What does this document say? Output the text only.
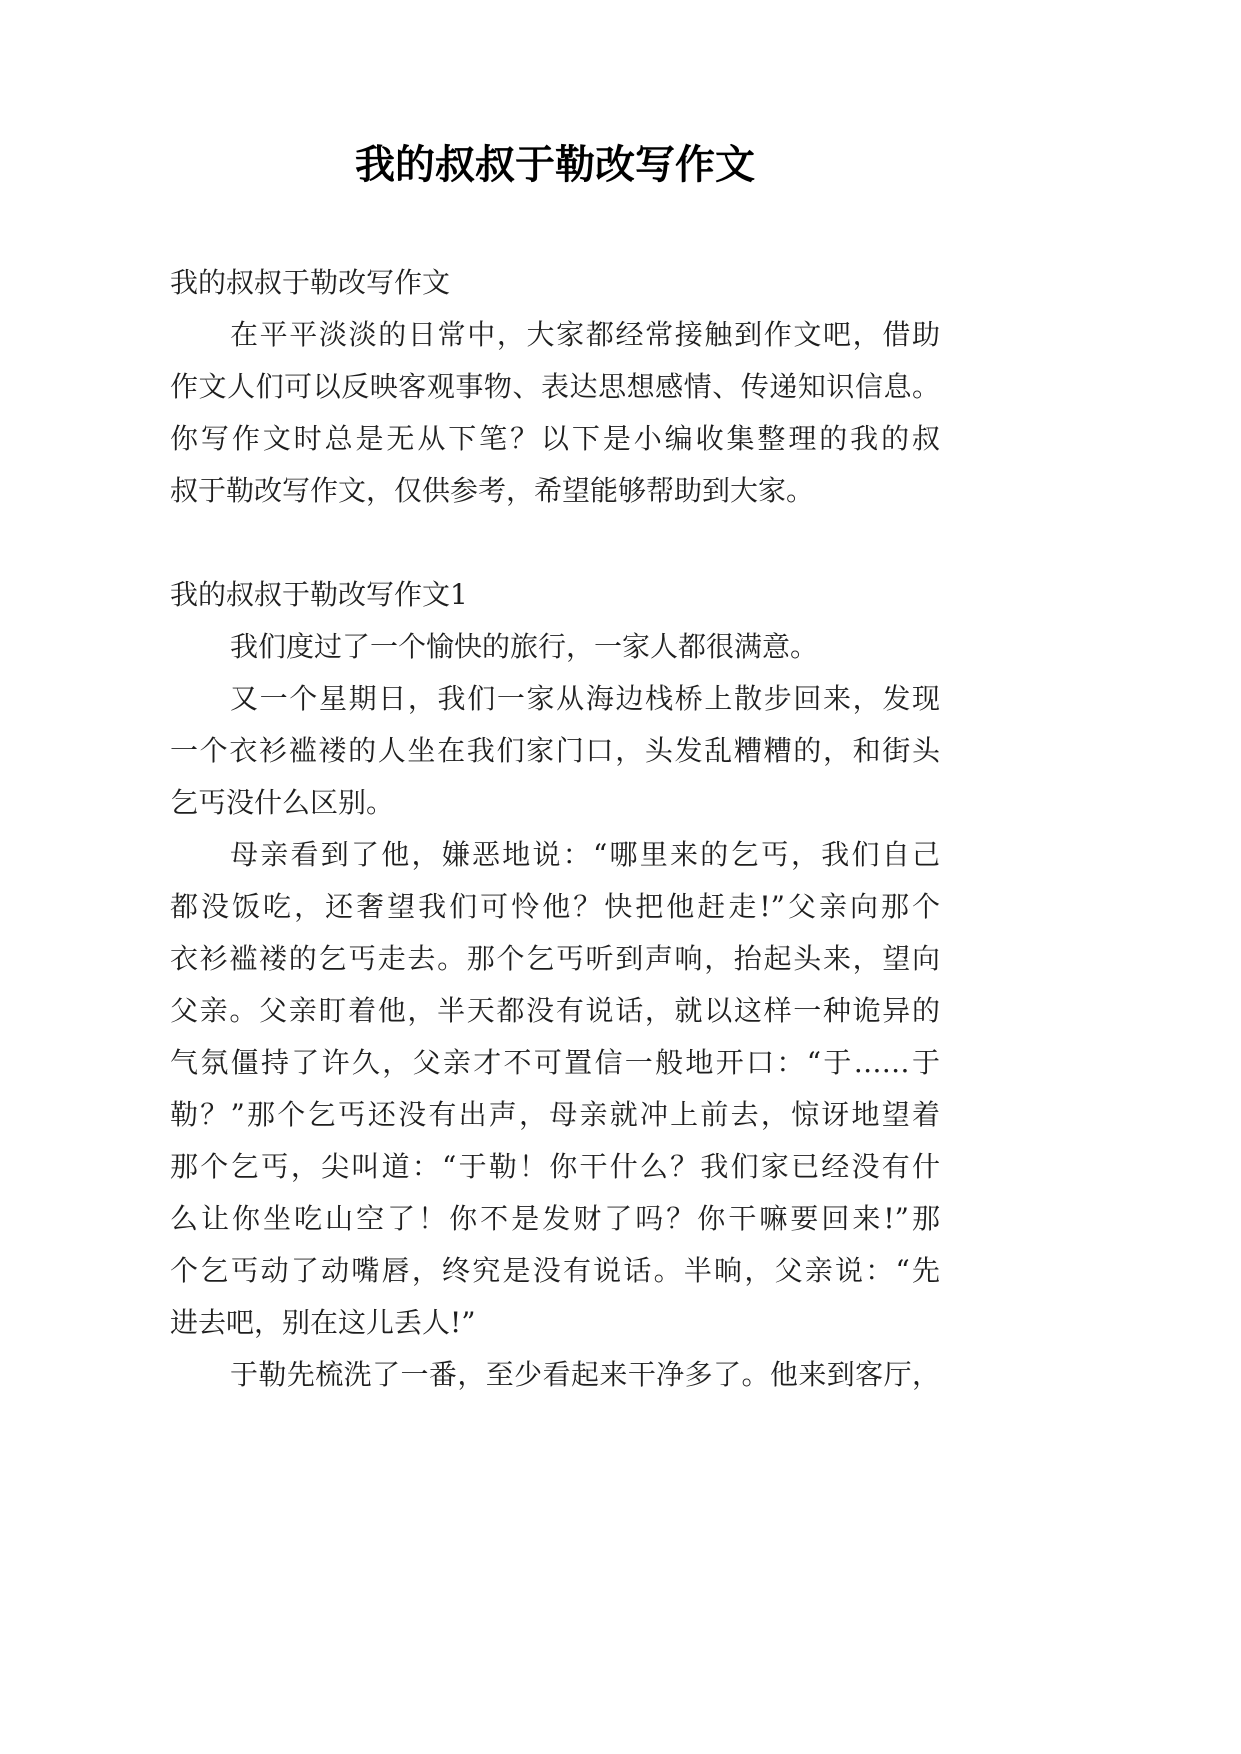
我的叔叔于勒改写作文
我的叔叔于勒改写作文
在平平淡淡的日常中，大家都经常接触到作文吧，借助
作文人们可以反映客观事物、表达思想感情、传递知识信息。
你写作文时总是无从下笔？以下是小编收集整理的我的叔
叔于勒改写作文，仅供参考，希望能够帮助到大家。
我的叔叔于勒改写作文1
我们度过了一个愉快的旅行，一家人都很满意。
又一个星期日，我们一家从海边栈桥上散步回来，发现
一个衣衫褴褛的人坐在我们家门口，头发乱糟糟的，和街头
乞丐没什么区别。
母亲看到了他，嫌恶地说：“哪里来的乞丐，我们自己
都没饭吃，还奢望我们可怜他？快把他赶走!”父亲向那个
衣衫褴褛的乞丐走去。那个乞丐听到声响，抬起头来，望向
父亲。父亲盯着他，半天都没有说话，就以这样一种诡异的
气氛僵持了许久，父亲才不可置信一般地开口：“于……于
勒？”那个乞丐还没有出声，母亲就冲上前去，惊讶地望着
那个乞丐，尖叫道：“于勒！你干什么？我们家已经没有什
么让你坐吃山空了！你不是发财了吗？你干嘛要回来!”那
个乞丐动了动嘴唇，终究是没有说话。半晌，父亲说：“先
进去吧，别在这儿丢人!”
于勒先梳洗了一番，至少看起来干净多了。他来到客厅，
